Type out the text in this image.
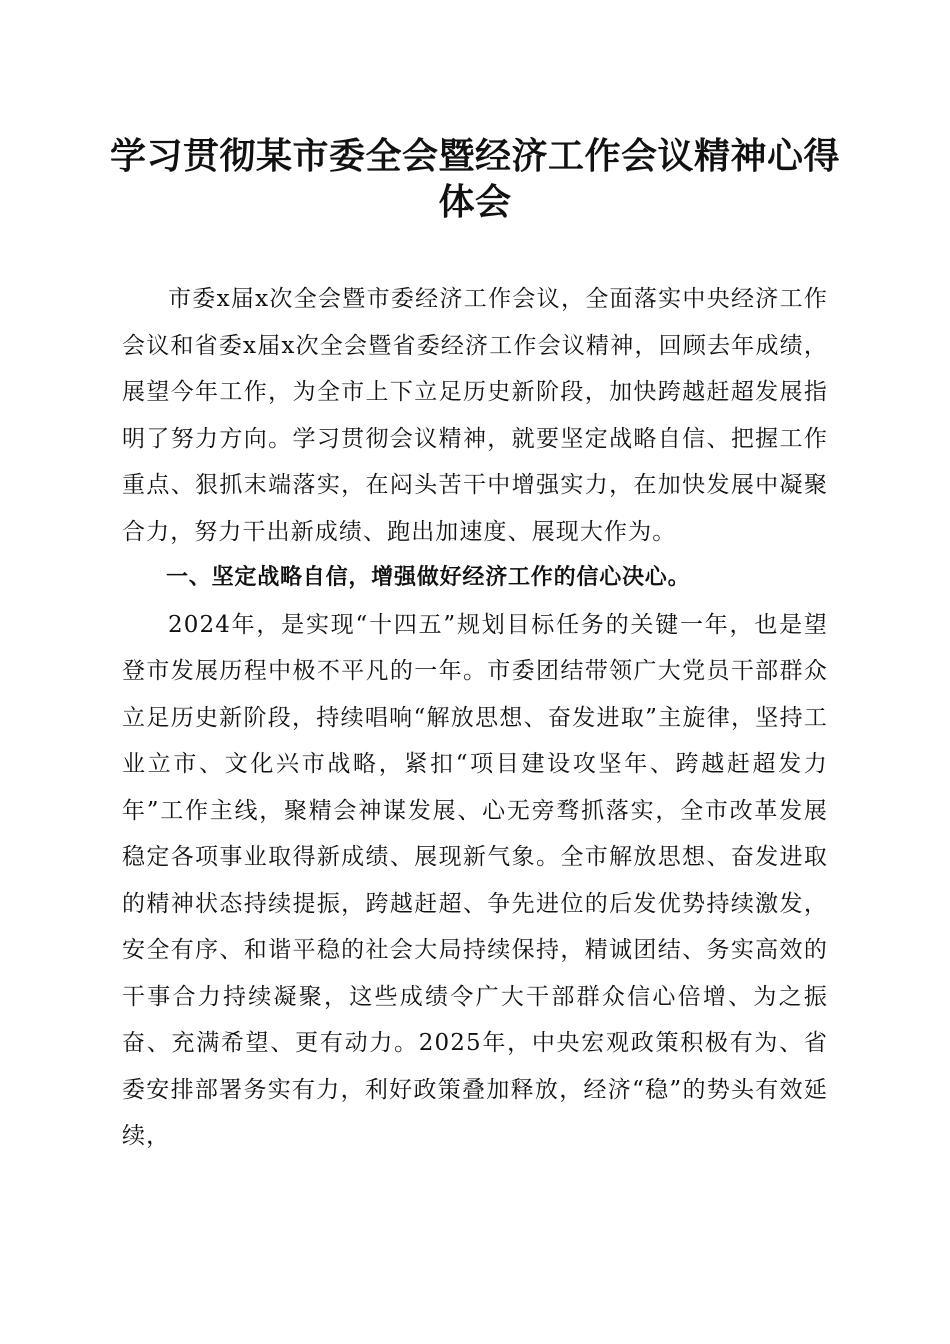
学习贯彻某市委全会暨经济工作会议精神心得体会

市委x届x次全会暨市委经济工作会议，全面落实中央经济工作会议和省委x届x次全会暨省委经济工作会议精神，回顾去年成绩，展望今年工作，为全市上下立足历史新阶段，加快跨越赶超发展指明了努力方向。学习贯彻会议精神，就要坚定战略自信、把握工作重点、狠抓末端落实，在闷头苦干中增强实力，在加快发展中凝聚合力，努力干出新成绩、跑出加速度、展现大作为。

一、坚定战略自信，增强做好经济工作的信心决心。

2024年，是实现“十四五”规划目标任务的关键一年，也是望登市发展历程中极不平凡的一年。市委团结带领广大党员干部群众立足历史新阶段，持续唱响“解放思想、奋发进取”主旋律，坚持工业立市、文化兴市战略，紧扣“项目建设攻坚年、跨越赶超发力年”工作主线，聚精会神谋发展、心无旁骛抓落实，全市改革发展稳定各项事业取得新成绩、展现新气象。全市解放思想、奋发进取的精神状态持续提振，跨越赶超、争先进位的后发优势持续激发，安全有序、和谐平稳的社会大局持续保持，精诚团结、务实高效的干事合力持续凝聚，这些成绩令广大干部群众信心倍增、为之振奋、充满希望、更有动力。2025年，中央宏观政策积极有为、省委安排部署务实有力，利好政策叠加释放，经济“稳”的势头有效延续，
